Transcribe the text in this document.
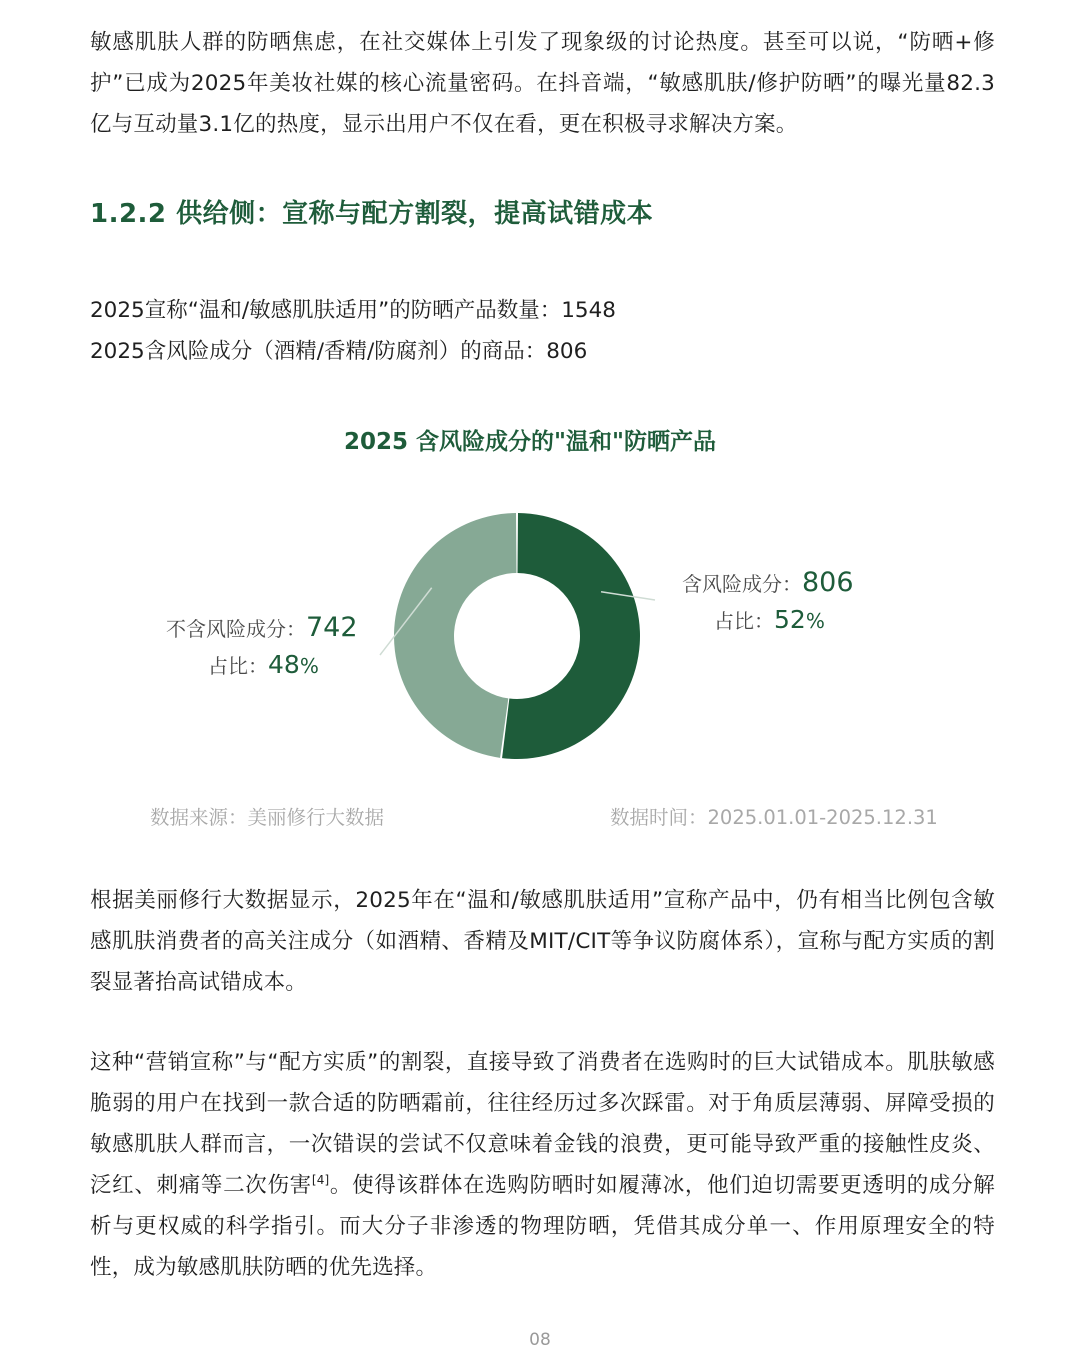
敏感肌肤人群的防晒焦虑，在社交媒体上引发了现象级的讨论热度。甚至可以说，“防晒+修护”已成为2025年美妆社媒的核心流量密码。在抖音端，“敏感肌肤/修护防晒”的曝光量82.3亿与互动量3.1亿的热度，显示出用户不仅在看，更在积极寻求解决方案。

1.2.2 供给侧：宣称与配方割裂，提高试错成本
2025宣称“温和/敏感肌肤适用”的防晒产品数量：1548
2025含风险成分（酒精/香精/防腐剂）的商品：806
2025 含风险成分的"温和"防晒产品
含风险成分：806
占比：52%
不含风险成分：742
占比：48%
数据来源：美丽修行大数据	数据时间：2025.01.01-2025.12.31

根据美丽修行大数据显示，2025年在“温和/敏感肌肤适用”宣称产品中，仍有相当比例包含敏感肌肤消费者的高关注成分（如酒精、香精及MIT/CIT等争议防腐体系），宣称与配方实质的割裂显著抬高试错成本。

这种“营销宣称”与“配方实质”的割裂，直接导致了消费者在选购时的巨大试错成本。肌肤敏感脆弱的用户在找到一款合适的防晒霜前，往往经历过多次踩雷。对于角质层薄弱、屏障受损的敏感肌肤人群而言，一次错误的尝试不仅意味着金钱的浪费，更可能导致严重的接触性皮炎、泛红、刺痛等二次伤害[4]。使得该群体在选购防晒时如履薄冰，他们迫切需要更透明的成分解析与更权威的科学指引。而大分子非渗透的物理防晒，凭借其成分单一、作用原理安全的特性，成为敏感肌肤防晒的优先选择。

08
